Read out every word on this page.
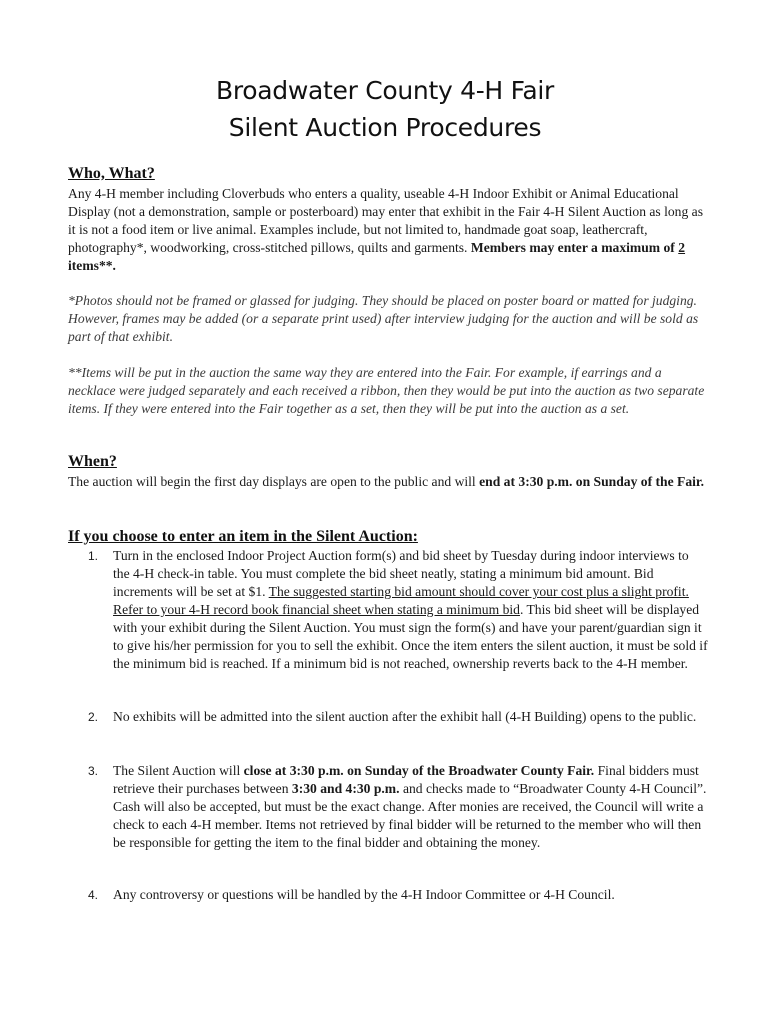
Broadwater County 4-H Fair
Silent Auction Procedures
Who, What?
Any 4-H member including Cloverbuds who enters a quality, useable 4-H Indoor Exhibit or Animal Educational Display (not a demonstration, sample or posterboard) may enter that exhibit in the Fair 4-H Silent Auction as long as it is not a food item or live animal. Examples include, but not limited to, handmade goat soap, leathercraft, photography*, woodworking, cross-stitched pillows, quilts and garments. Members may enter a maximum of 2 items**.
*Photos should not be framed or glassed for judging. They should be placed on poster board or matted for judging. However, frames may be added (or a separate print used) after interview judging for the auction and will be sold as part of that exhibit.
**Items will be put in the auction the same way they are entered into the Fair. For example, if earrings and a necklace were judged separately and each received a ribbon, then they would be put into the auction as two separate items. If they were entered into the Fair together as a set, then they will be put into the auction as a set.
When?
The auction will begin the first day displays are open to the public and will end at 3:30 p.m. on Sunday of the Fair.
If you choose to enter an item in the Silent Auction:
1.	Turn in the enclosed Indoor Project Auction form(s) and bid sheet by Tuesday during indoor interviews to the 4-H check-in table. You must complete the bid sheet neatly, stating a minimum bid amount. Bid increments will be set at $1. The suggested starting bid amount should cover your cost plus a slight profit. Refer to your 4-H record book financial sheet when stating a minimum bid. This bid sheet will be displayed with your exhibit during the Silent Auction. You must sign the form(s) and have your parent/guardian sign it to give his/her permission for you to sell the exhibit. Once the item enters the silent auction, it must be sold if the minimum bid is reached. If a minimum bid is not reached, ownership reverts back to the 4-H member.
2.	No exhibits will be admitted into the silent auction after the exhibit hall (4-H Building) opens to the public.
3.	The Silent Auction will close at 3:30 p.m. on Sunday of the Broadwater County Fair. Final bidders must retrieve their purchases between 3:30 and 4:30 p.m. and checks made to “Broadwater County 4-H Council”. Cash will also be accepted, but must be the exact change. After monies are received, the Council will write a check to each 4-H member. Items not retrieved by final bidder will be returned to the member who will then be responsible for getting the item to the final bidder and obtaining the money.
4.	Any controversy or questions will be handled by the 4-H Indoor Committee or 4-H Council.
